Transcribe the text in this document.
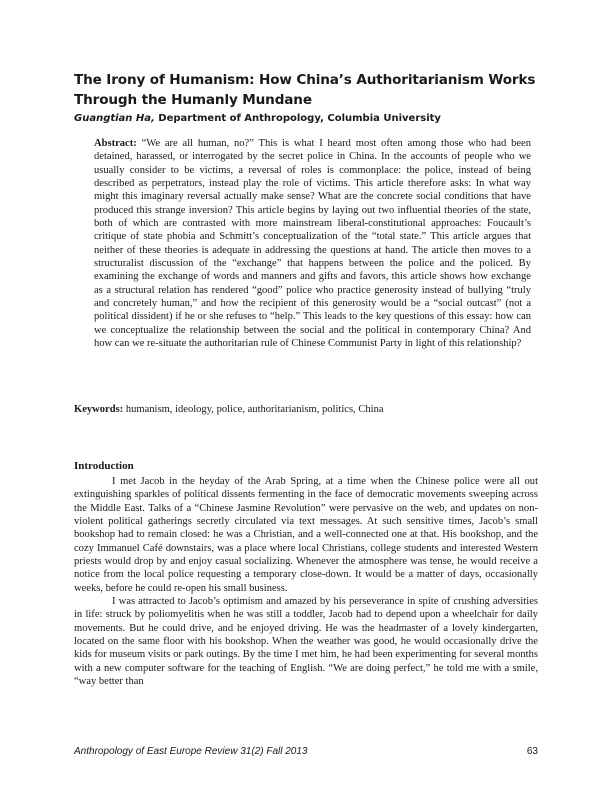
The Irony of Humanism: How China’s Authoritarianism Works
Through the Humanly Mundane
Guangtian Ha, Department of Anthropology, Columbia University

Abstract: “We are all human, no?” This is what I heard most often among those who had been detained, harassed, or interrogated by the secret police in China. In the accounts of people who we usually consider to be victims, a reversal of roles is commonplace: the police, instead of being described as perpetrators, instead play the role of victims. This article therefore asks: In what way might this imaginary reversal actually make sense? What are the concrete social conditions that have produced this strange inversion? This article begins by laying out two influential theories of the state, both of which are contrasted with more mainstream liberal-constitutional approaches: Foucault’s critique of state phobia and Schmitt’s conceptualization of the “total state.” This article argues that neither of these theories is adequate in addressing the questions at hand. The article then moves to a structuralist discussion of the “exchange” that happens between the police and the policed. By examining the exchange of words and manners and gifts and favors, this article shows how exchange as a structural relation has rendered “good” police who practice generosity instead of bullying “truly and concretely human,” and how the recipient of this generosity would be a “social outcast” (not a political dissident) if he or she refuses to “help.” This leads to the key questions of this essay: how can we conceptualize the relationship between the social and the political in contemporary China? And how can we re-situate the authoritarian rule of Chinese Communist Party in light of this relationship?

Keywords: humanism, ideology, police, authoritarianism, politics, China

Introduction

I met Jacob in the heyday of the Arab Spring, at a time when the Chinese police were all out extinguishing sparkles of political dissents fermenting in the face of democratic movements sweeping across the Middle East. Talks of a “Chinese Jasmine Revolution” were pervasive on the web, and updates on non-violent political gatherings secretly circulated via text messages. At such sensitive times, Jacob’s small bookshop had to remain closed: he was a Christian, and a well-connected one at that. His bookshop, and the cozy Immanuel Café downstairs, was a place where local Christians, college students and interested Western priests would drop by and enjoy casual socializing. Whenever the atmosphere was tense, he would receive a notice from the local police requesting a temporary close-down. It would be a matter of days, occasionally weeks, before he could re-open his small business.

I was attracted to Jacob’s optimism and amazed by his perseverance in spite of crushing adversities in life: struck by poliomyelitis when he was still a toddler, Jacob had to depend upon a wheelchair for daily movements. But he could drive, and he enjoyed driving. He was the headmaster of a lovely kindergarten, located on the same floor with his bookshop. When the weather was good, he would occasionally drive the kids for museum visits or park outings. By the time I met him, he had been experimenting for several months with a new computer software for the teaching of English. “We are doing perfect,” he told me with a smile, “way better than

Anthropology of East Europe Review 31(2) Fall 2013	63
